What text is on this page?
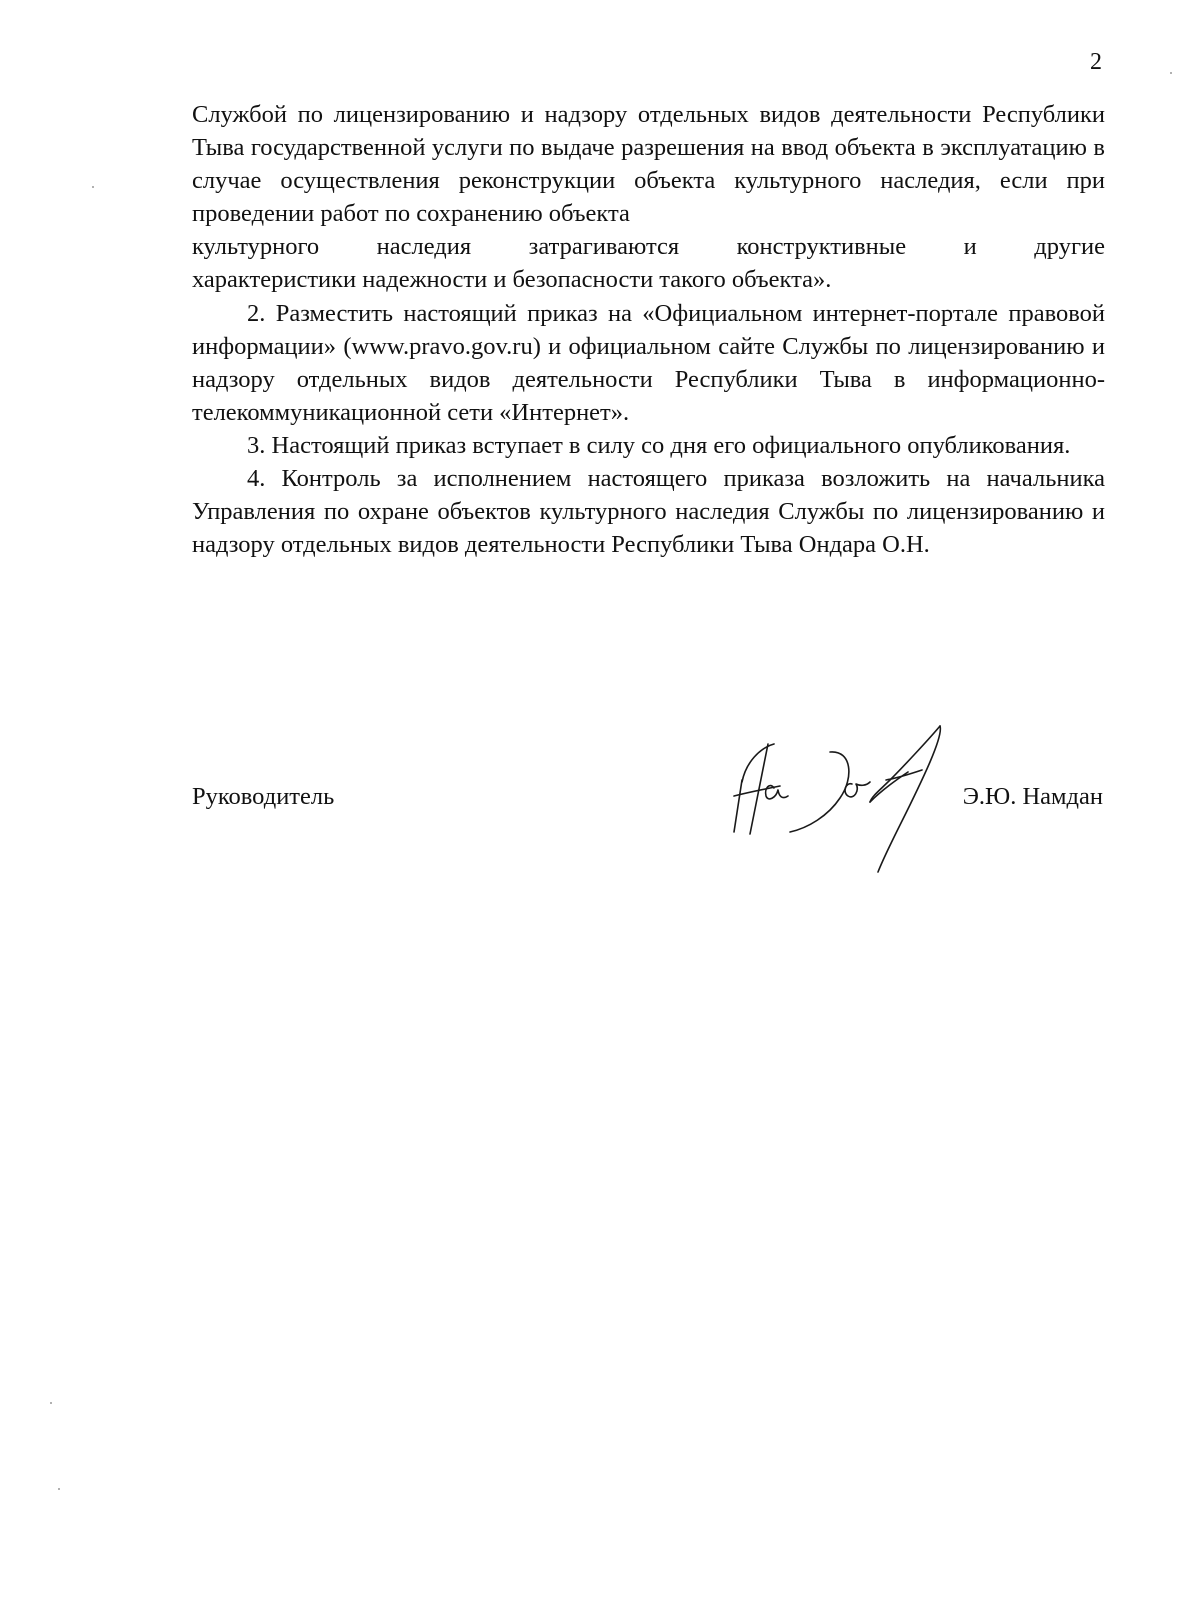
2

Службой по лицензированию и надзору отдельных видов деятельности Республики Тыва государственной услуги по выдаче разрешения на ввод объекта в эксплуатацию в случае осуществления реконструкции объекта культурного наследия, если при проведении работ по сохранению объекта

культурного наследия затрагиваются конструктивные и другие

характеристики надежности и безопасности такого объекта».

2. Разместить настоящий приказ на «Официальном интернет-портале правовой информации» (www.pravo.gov.ru) и официальном сайте Службы по лицензированию и надзору отдельных видов деятельности Республики Тыва в информационно-телекоммуникационной сети «Интернет».

3. Настоящий приказ вступает в силу со дня его официального опубликования.

4. Контроль за исполнением настоящего приказа возложить на начальника Управления по охране объектов культурного наследия Службы по лицензированию и надзору отдельных видов деятельности Республики Тыва Ондара О.Н.

Руководитель	Э.Ю. Намдан
